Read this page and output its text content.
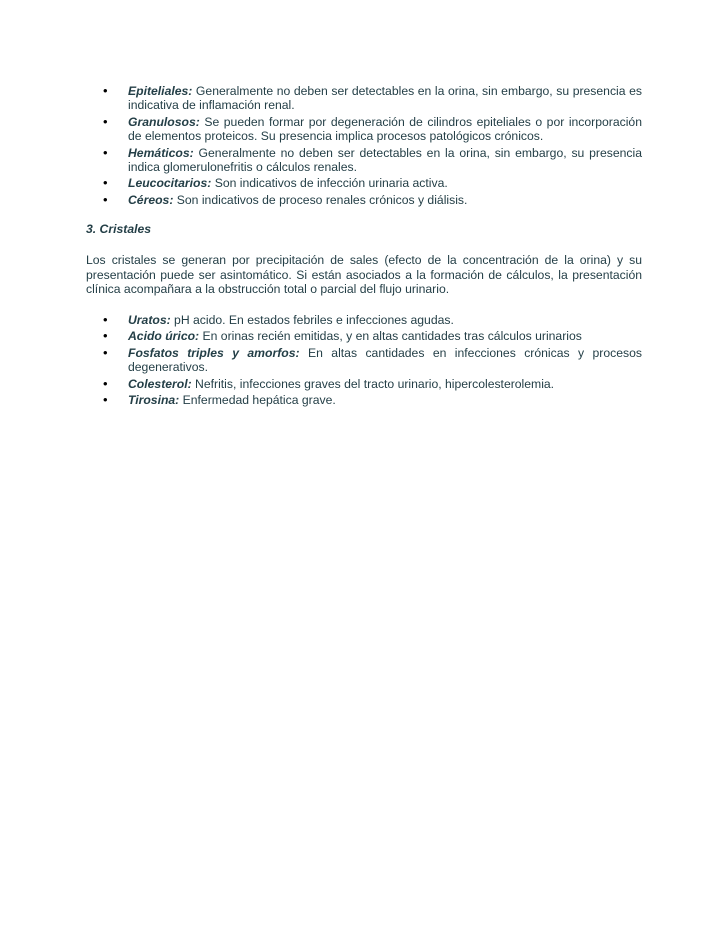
• Epiteliales: Generalmente no deben ser detectables en la orina, sin embargo, su presencia es indicativa de inflamación renal.
• Granulosos: Se pueden formar por degeneración de cilindros epiteliales o por incorporación de elementos proteicos. Su presencia implica procesos patológicos crónicos.
• Hemáticos: Generalmente no deben ser detectables en la orina, sin embargo, su presencia indica glomerulonefritis o cálculos renales.
• Leucocitarios: Son indicativos de infección urinaria activa.
• Céreos: Son indicativos de proceso renales crónicos y diálisis.
3. Cristales

Los cristales se generan por precipitación de sales (efecto de la concentración de la orina) y su presentación puede ser asintomático. Si están asociados a la formación de cálculos, la presentación clínica acompañara a la obstrucción total o parcial del flujo urinario.

• Uratos: pH acido. En estados febriles e infecciones agudas.
• Acido úrico: En orinas recién emitidas, y en altas cantidades tras cálculos urinarios
• Fosfatos triples y amorfos: En altas cantidades en infecciones crónicas y procesos degenerativos.
• Colesterol: Nefritis, infecciones graves del tracto urinario, hipercolesterolemia.
• Tirosina: Enfermedad hepática grave.
